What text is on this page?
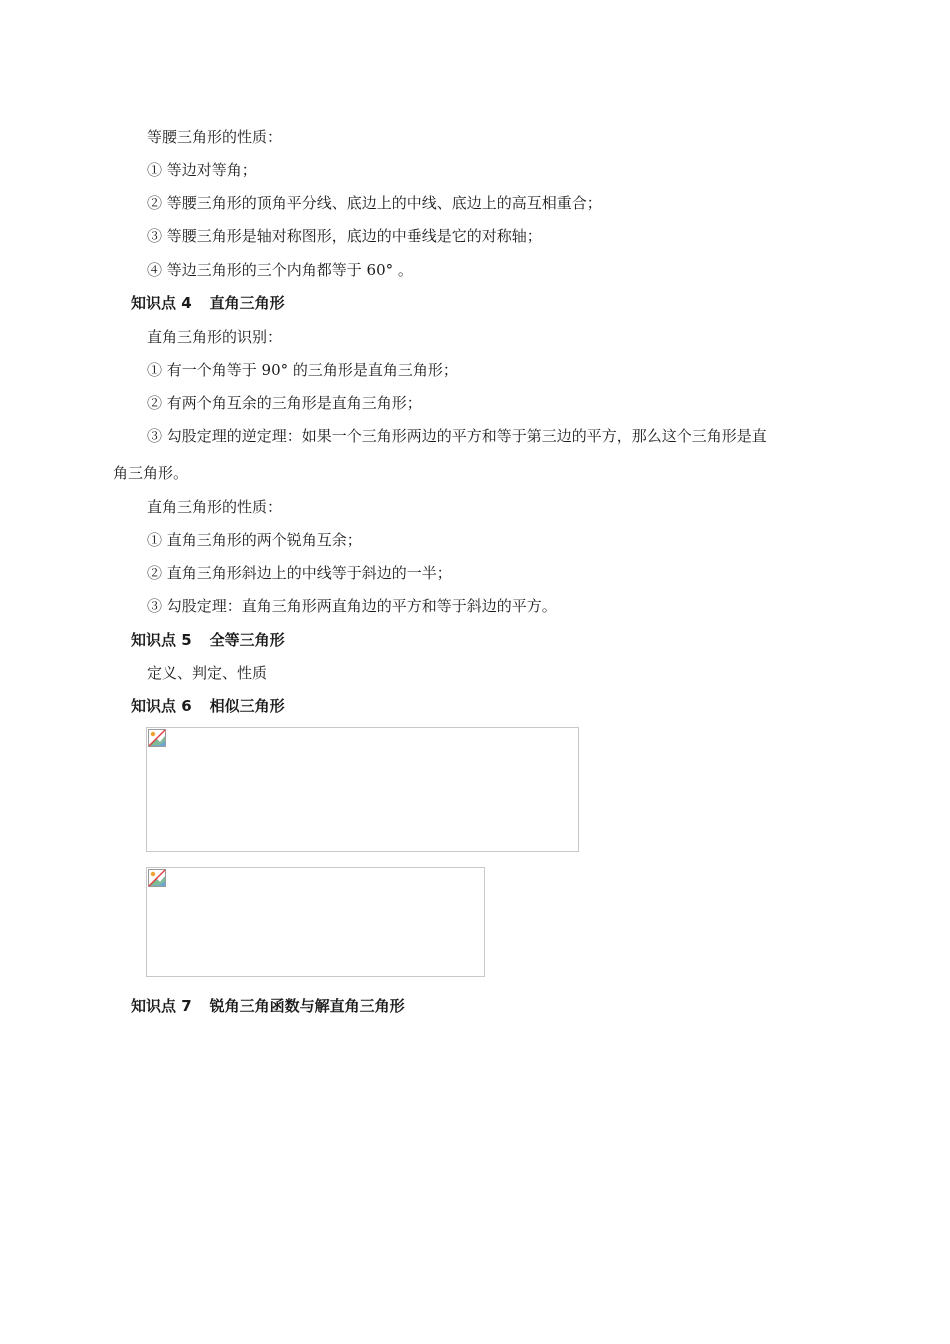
等腰三角形的性质：
① 等边对等角；
② 等腰三角形的顶角平分线、底边上的中线、底边上的高互相重合；
③ 等腰三角形是轴对称图形，底边的中垂线是它的对称轴；
④ 等边三角形的三个内角都等于 60° 。
知识点 4 直角三角形
直角三角形的识别：
① 有一个角等于 90° 的三角形是直角三角形；
② 有两个角互余的三角形是直角三角形；
③ 勾股定理的逆定理：如果一个三角形两边的平方和等于第三边的平方，那么这个三角形是直
角三角形。
直角三角形的性质：
① 直角三角形的两个锐角互余；
② 直角三角形斜边上的中线等于斜边的一半；
③ 勾股定理：直角三角形两直角边的平方和等于斜边的平方。
知识点 5 全等三角形
定义、判定、性质
知识点 6 相似三角形
知识点 7 锐角三角函数与解直角三角形
